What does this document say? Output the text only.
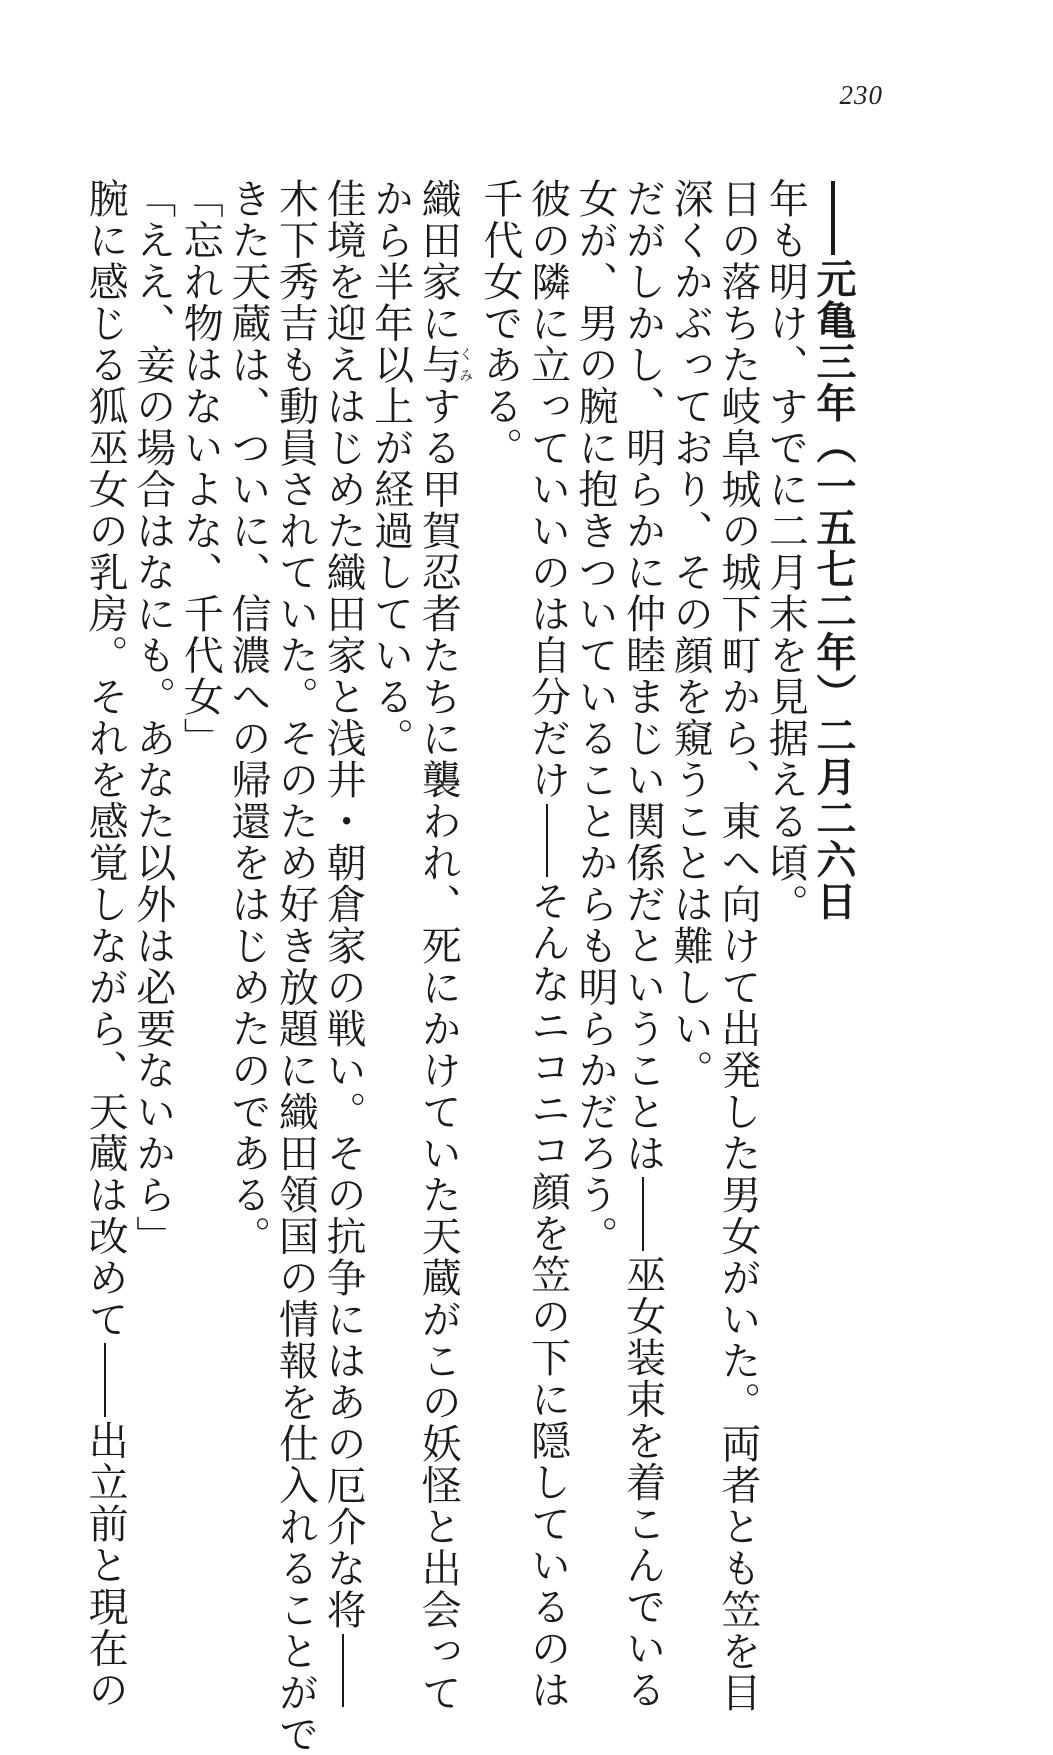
230

元亀三年（一五七二年）二月二六日

年も明け、すでに二月末を見据える頃。

日の落ちた岐阜城の城下町から、東へ向けて出発した男女がいた。両者とも笠を目

深くかぶっており、その顔を窺うことは難しい。

だがしかし、明らかに仲睦まじい関係だということは巫女装束を着こんでいる

女が、男の腕に抱きついていることからも明らかだろう。

彼の隣に立っていいのは自分だけそんなニコニコ顔を笠の下に隠しているのは

千代女である。

織田家に与くみする甲賀忍者たちに襲われ、死にかけていた天蔵がこの妖怪と出会って

から半年以上が経過している。

佳境を迎えはじめた織田家と浅井・朝倉家の戦い。その抗争にはあの厄介な将

木下秀吉も動員されていた。そのため好き放題に織田領国の情報を仕入れることがで

きた天蔵は、ついに、信濃への帰還をはじめたのである。

「忘れ物はないよな、千代女」

「ええ、妾の場合はなにも。あなた以外は必要ないから」

腕に感じる狐巫女の乳房。それを感覚しながら、天蔵は改めて出立前と現在の
